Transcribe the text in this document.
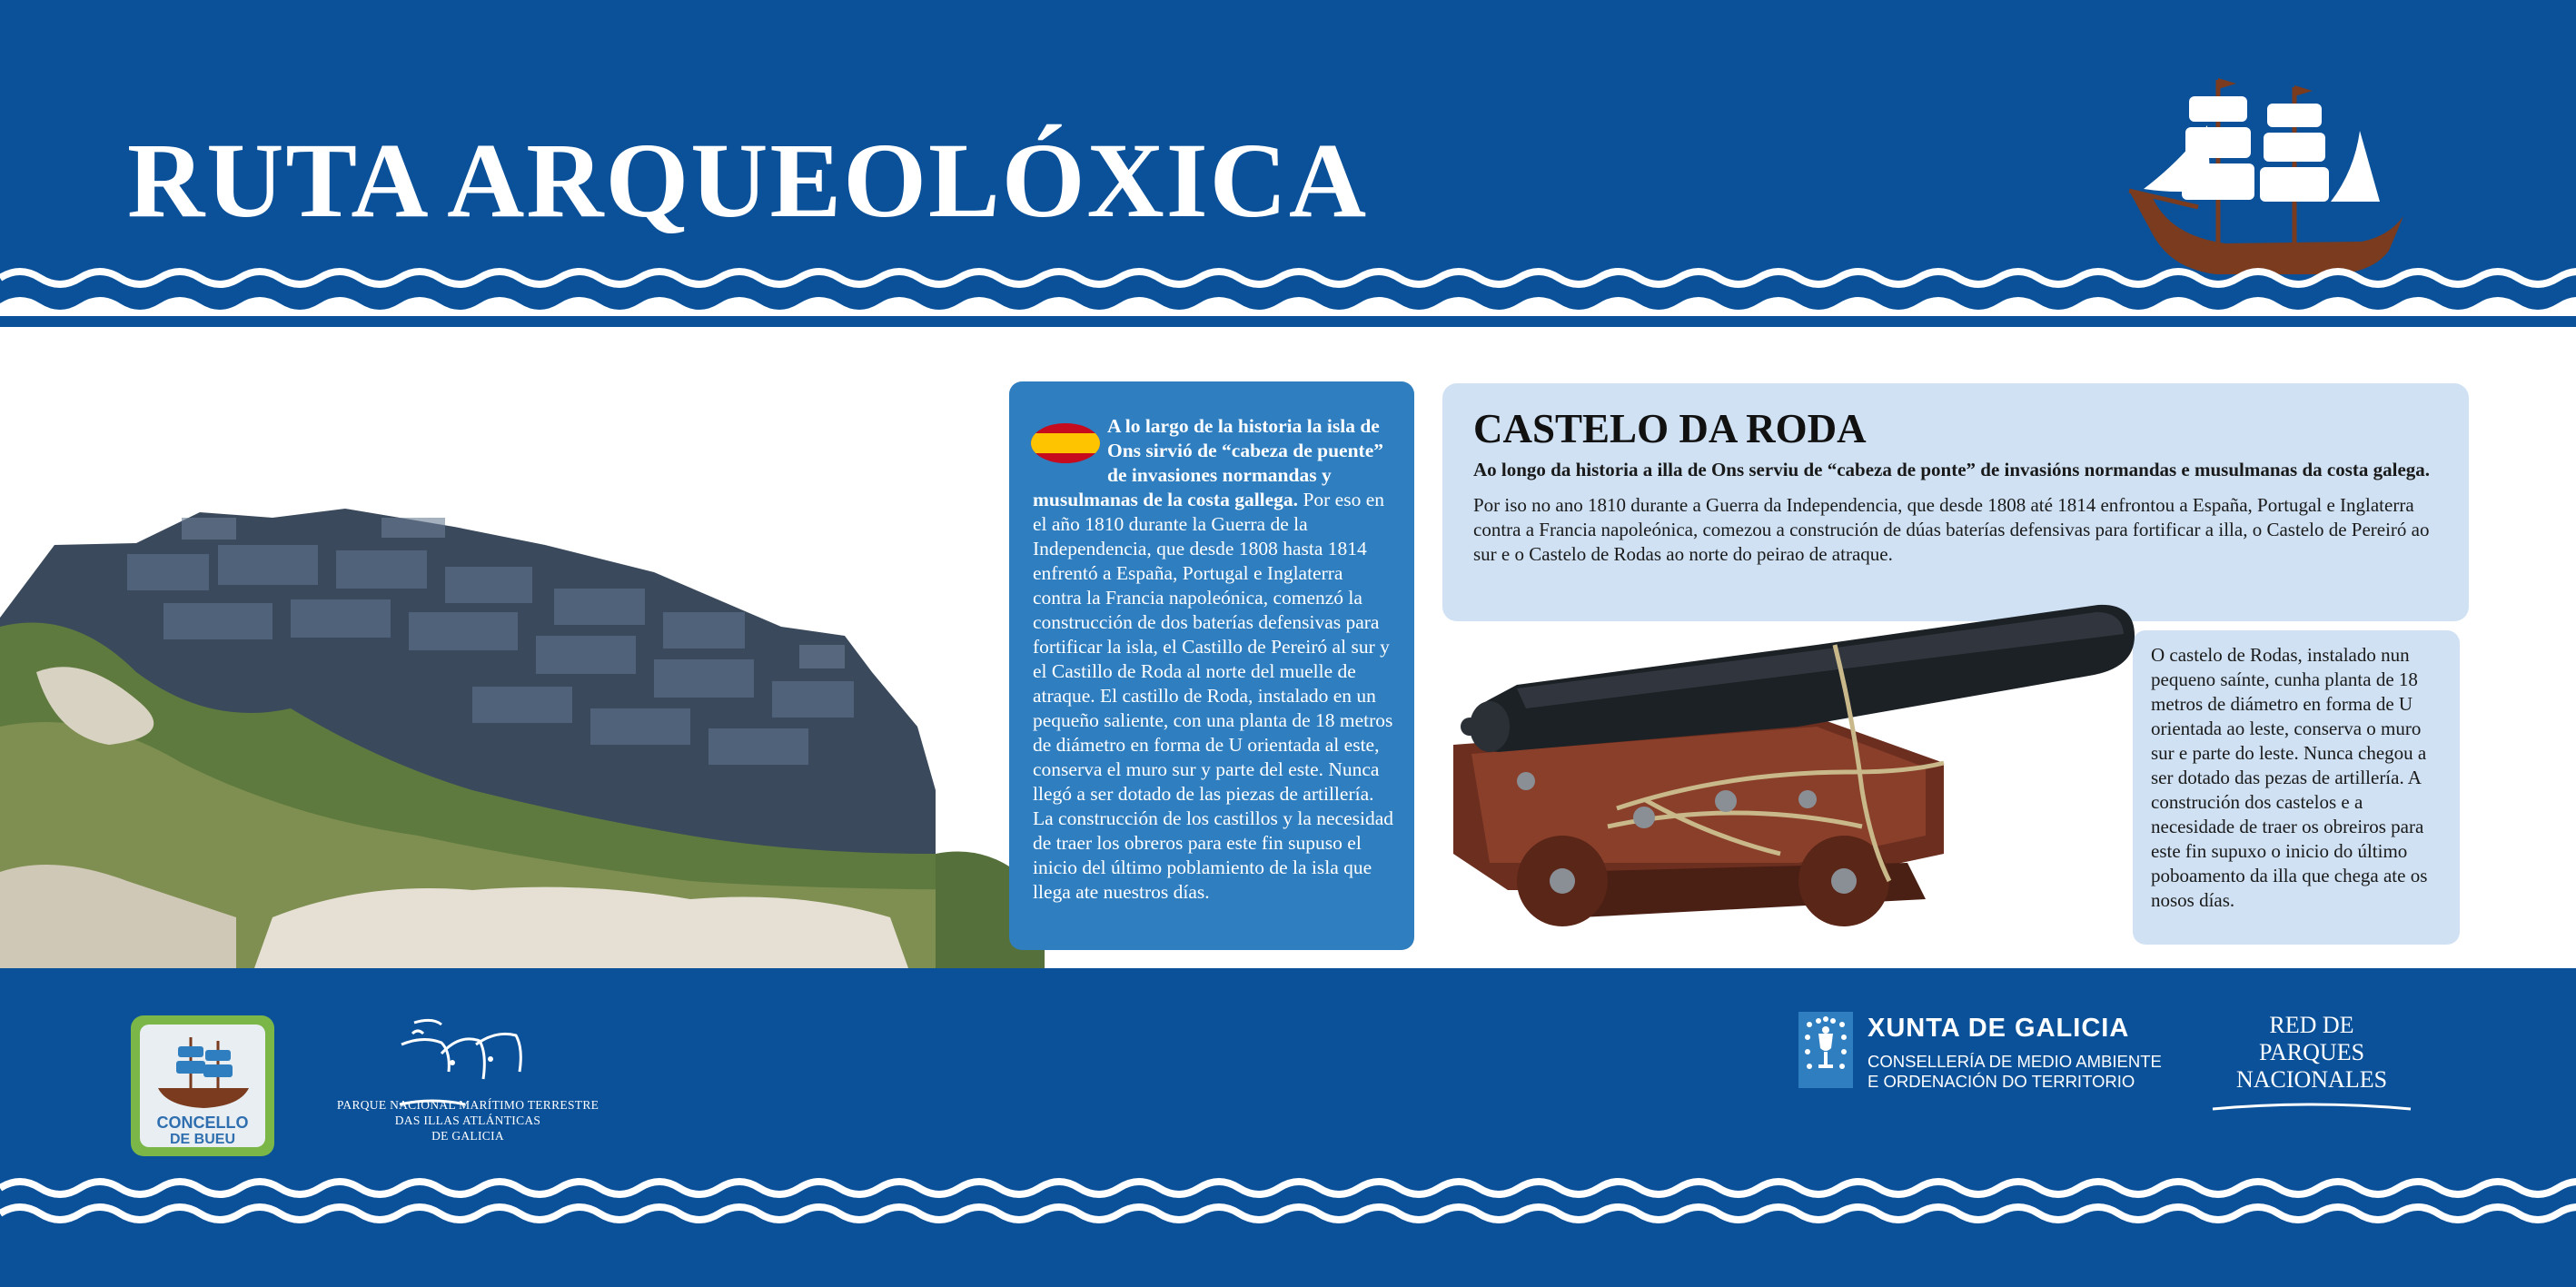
RUTA ARQUEOLÓXICA
A lo largo de la historia la isla de Ons sirvió de “cabeza de puente” de invasiones normandas y musulmanas de la costa gallega. Por eso en el año 1810 durante la Guerra de la Independencia, que desde 1808 hasta 1814 enfrentó a España, Portugal e Inglaterra contra la Francia napoleónica, comenzó la construcción de dos baterías defensivas para fortificar la isla, el Castillo de Pereiró al sur y el Castillo de Roda al norte del muelle de atraque. El castillo de Roda, instalado en un pequeño saliente, con una planta de 18 metros de diámetro en forma de U orientada al este, conserva el muro sur y parte del este. Nunca llegó a ser dotado de las piezas de artillería. La construcción de los castillos y la necesidad de traer los obreros para este fin supuso el inicio del último poblamiento de la isla que llega ate nuestros días.
CASTELO DA RODA

Ao longo da historia a illa de Ons serviu de “cabeza de ponte” de invasións normandas e musulmanas da costa galega.

Por iso no ano 1810 durante a Guerra da Independencia, que desde 1808 até 1814 enfrontou a España, Portugal e Inglaterra contra a Francia napoleónica, comezou a construción de dúas baterías defensivas para fortificar a illa, o Castelo de Pereiró ao sur e o Castelo de Rodas ao norte do peirao de atraque.

O castelo de Rodas, instalado nun pequeno saínte, cunha planta de 18 metros de diámetro en forma de U orientada ao leste, conserva o muro sur e parte do leste. Nunca chegou a ser dotado das pezas de artillería. A construción dos castelos e a necesidade de traer os obreiros para este fin supuxo o inicio do último poboamento da illa que chega ate os nosos días.
CONCELLO
DE BUEU
PARQUE NACIONAL MARÍTIMO TERRESTRE
DAS ILLAS ATLÁNTICAS
DE GALICIA
XUNTA DE GALICIA
CONSELLERÍA DE MEDIO AMBIENTE
E ORDENACIÓN DO TERRITORIO
RED DE
PARQUES NACIONALES
